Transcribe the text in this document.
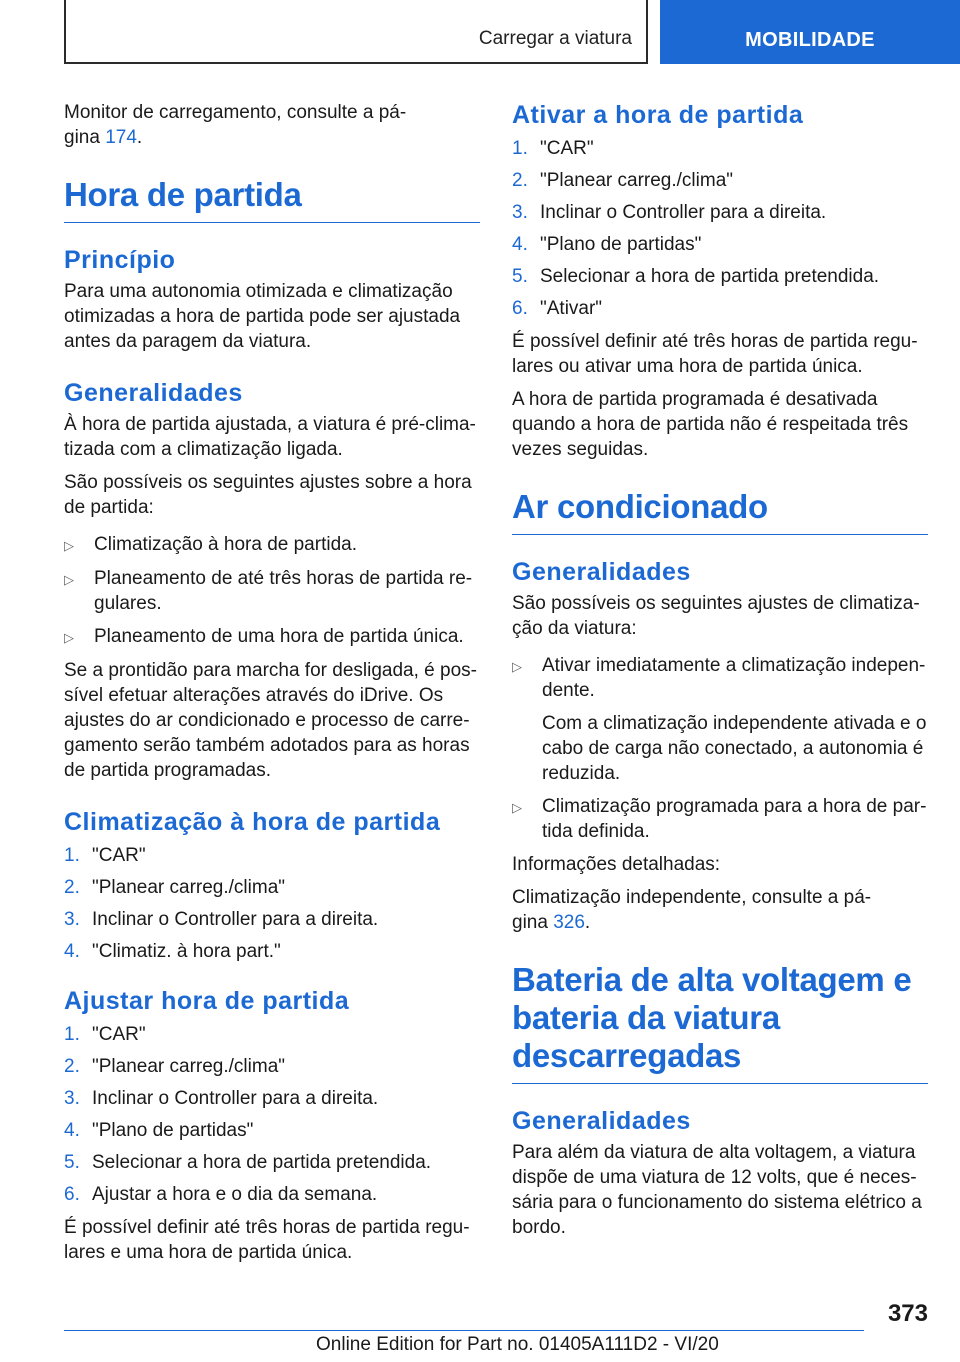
Carregar a viatura	MOBILIDADE

Monitor de carregamento, consulte a pá-gina 174.

Hora de partida
Princípio

Para uma autonomia otimizada e climatização otimizadas a hora de partida pode ser ajustada antes da paragem da viatura.

Generalidades

À hora de partida ajustada, a viatura é pré-clima-tizada com a climatização ligada.

São possíveis os seguintes ajustes sobre a hora de partida:

▷	Climatização à hora de partida.
▷	Planeamento de até três horas de partida re-gulares.
▷	Planeamento de uma hora de partida única.

Se a prontidão para marcha for desligada, é pos-sível efetuar alterações através do iDrive. Os ajustes do ar condicionado e processo de carre-gamento serão também adotados para as horas de partida programadas.

Climatização à hora de partida
1. "CAR"
2. "Planear carreg./clima"
3. Inclinar o Controller para a direita.
4. "Climatiz. à hora part."
Ajustar hora de partida
1. "CAR"
2. "Planear carreg./clima"
3. Inclinar o Controller para a direita.
4. "Plano de partidas"
5. Selecionar a hora de partida pretendida.
6. Ajustar a hora e o dia da semana.

É possível definir até três horas de partida regu-lares e uma hora de partida única.

Ativar a hora de partida
1. "CAR"
2. "Planear carreg./clima"
3. Inclinar o Controller para a direita.
4. "Plano de partidas"
5. Selecionar a hora de partida pretendida.
6. "Ativar"

É possível definir até três horas de partida regu-lares ou ativar uma hora de partida única.

A hora de partida programada é desativada quando a hora de partida não é respeitada três vezes seguidas.

Ar condicionado
Generalidades

São possíveis os seguintes ajustes de climatiza-ção da viatura:

▷	Ativar imediatamente a climatização indepen-dente.
Com a climatização independente ativada e o cabo de carga não conectado, a autonomia é reduzida.
▷	Climatização programada para a hora de par-tida definida.

Informações detalhadas:

Climatização independente, consulte a pá-gina 326.

Bateria de alta voltagem e bateria da viatura descarregadas
Generalidades

Para além da viatura de alta voltagem, a viatura dispõe de uma viatura de 12 volts, que é neces-sária para o funcionamento do sistema elétrico a bordo.

373
Online Edition for Part no. 01405A111D2 - VI/20
